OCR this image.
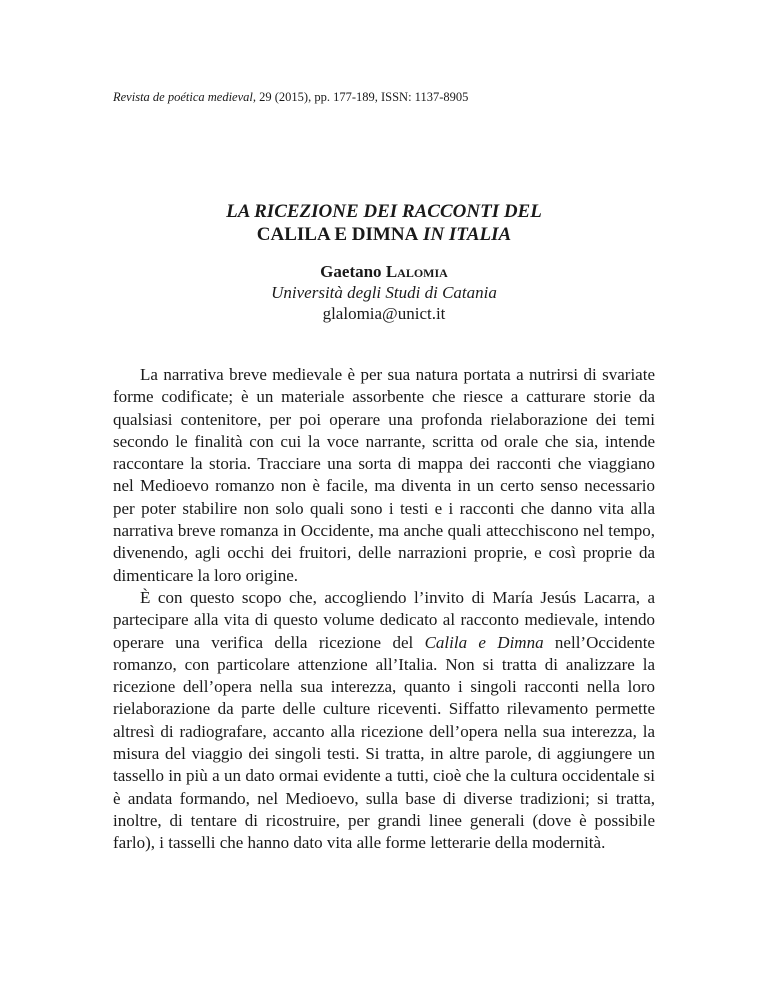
Revista de poética medieval, 29 (2015), pp. 177-189, ISSN: 1137-8905
LA RICEZIONE DEI RACCONTI DEL
CALILA E DIMNA IN ITALIA
Gaetano Lalomia
Università degli Studi di Catania
glalomia@unict.it

La narrativa breve medievale è per sua natura portata a nutrirsi di svariate forme codificate; è un materiale assorbente che riesce a catturare storie da qualsiasi contenitore, per poi operare una profonda rielaborazione dei temi secondo le finalità con cui la voce narrante, scritta od orale che sia, intende raccontare la storia. Tracciare una sorta di mappa dei racconti che viaggiano nel Medioevo romanzo non è facile, ma diventa in un certo senso necessario per poter stabilire non solo quali sono i testi e i racconti che danno vita alla narrativa breve romanza in Occidente, ma anche quali attecchiscono nel tempo, divenendo, agli occhi dei fruitori, delle narrazioni proprie, e così proprie da dimenticare la loro origine.

È con questo scopo che, accogliendo l’invito di María Jesús Lacarra, a partecipare alla vita di questo volume dedicato al racconto medievale, intendo operare una verifica della ricezione del Calila e Dimna nell’Occidente romanzo, con particolare attenzione all’Italia. Non si tratta di analizzare la ricezione dell’opera nella sua interezza, quanto i singoli racconti nella loro rielaborazione da parte delle culture riceventi. Siffatto rilevamento permette altresì di radiografare, accanto alla ricezione dell’opera nella sua interezza, la misura del viaggio dei singoli testi. Si tratta, in altre parole, di aggiungere un tassello in più a un dato ormai evidente a tutti, cioè che la cultura occidentale si è andata formando, nel Medioevo, sulla base di diverse tradizioni; si tratta, inoltre, di tentare di ricostruire, per grandi linee generali (dove è possibile farlo), i tasselli che hanno dato vita alle forme letterarie della modernità.
